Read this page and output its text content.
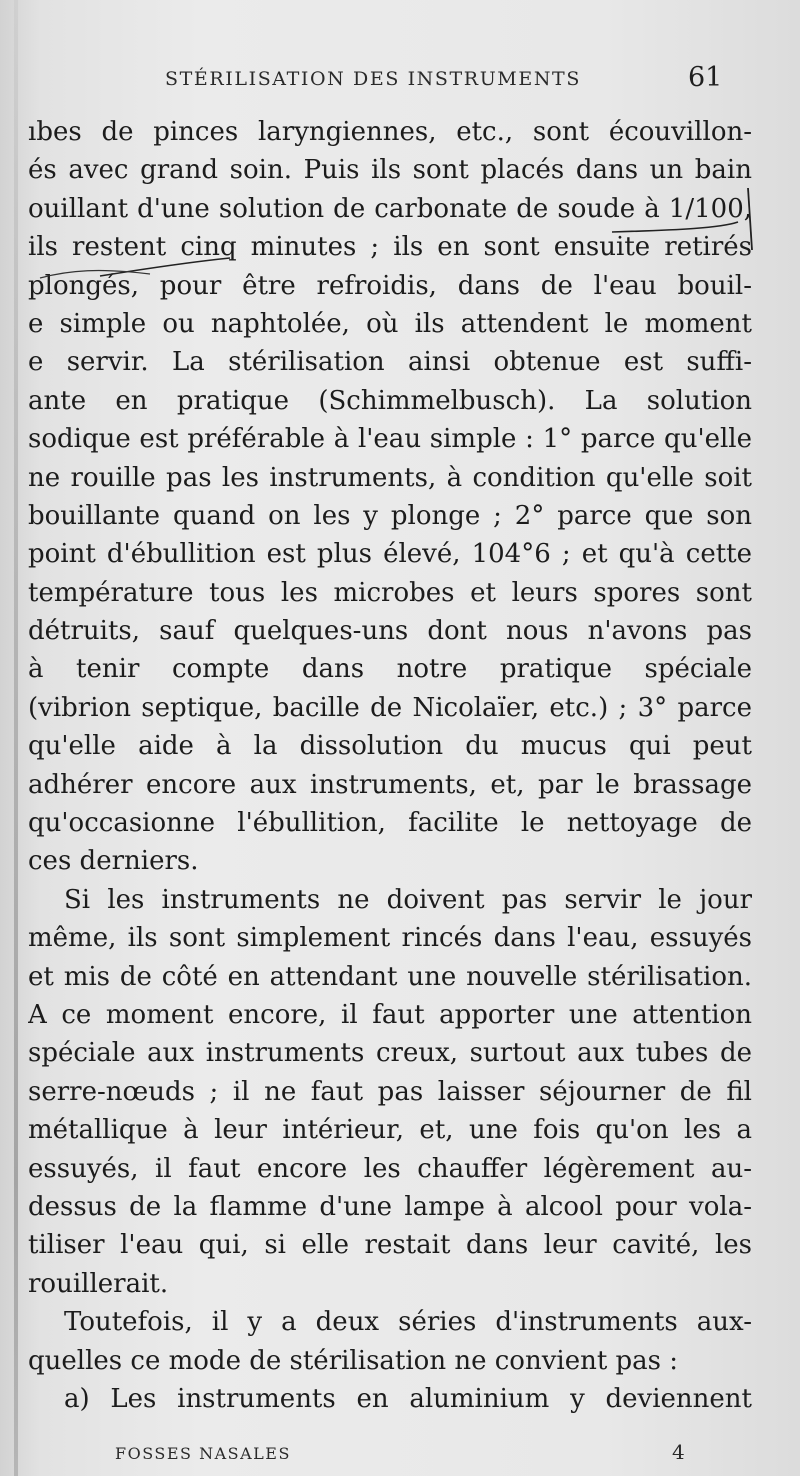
STÉRILISATION DES INSTRUMENTS	61
ıbes de pinces laryngiennes, etc., sont écouvillon-
és avec grand soin. Puis ils sont placés dans un bain
ouillant d'une solution de carbonate de soude à 1/100,
ils restent cinq minutes ; ils en sont ensuite retirés
plongés, pour être refroidis, dans de l'eau bouil-
e simple ou naphtolée, où ils attendent le moment
e servir. La stérilisation ainsi obtenue est suffi-
ante en pratique (Schimmelbusch). La solution
sodique est préférable à l'eau simple : 1° parce qu'elle
ne rouille pas les instruments, à condition qu'elle soit
bouillante quand on les y plonge ; 2° parce que son
point d'ébullition est plus élevé, 104°6 ; et qu'à cette
température tous les microbes et leurs spores sont
détruits, sauf quelques-uns dont nous n'avons pas
à tenir compte dans notre pratique spéciale
(vibrion septique, bacille de Nicolaïer, etc.) ; 3° parce
qu'elle aide à la dissolution du mucus qui peut
adhérer encore aux instruments, et, par le brassage
qu'occasionne l'ébullition, facilite le nettoyage de
ces derniers.
Si les instruments ne doivent pas servir le jour
même, ils sont simplement rincés dans l'eau, essuyés
et mis de côté en attendant une nouvelle stérilisation.
A ce moment encore, il faut apporter une attention
spéciale aux instruments creux, surtout aux tubes de
serre-nœuds ; il ne faut pas laisser séjourner de fil
métallique à leur intérieur, et, une fois qu'on les a
essuyés, il faut encore les chauffer légèrement au-
dessus de la flamme d'une lampe à alcool pour vola-
tiliser l'eau qui, si elle restait dans leur cavité, les
rouillerait.
Toutefois, il y a deux séries d'instruments aux-
quelles ce mode de stérilisation ne convient pas :
a) Les instruments en aluminium y deviennent
FOSSES NASALES	4
